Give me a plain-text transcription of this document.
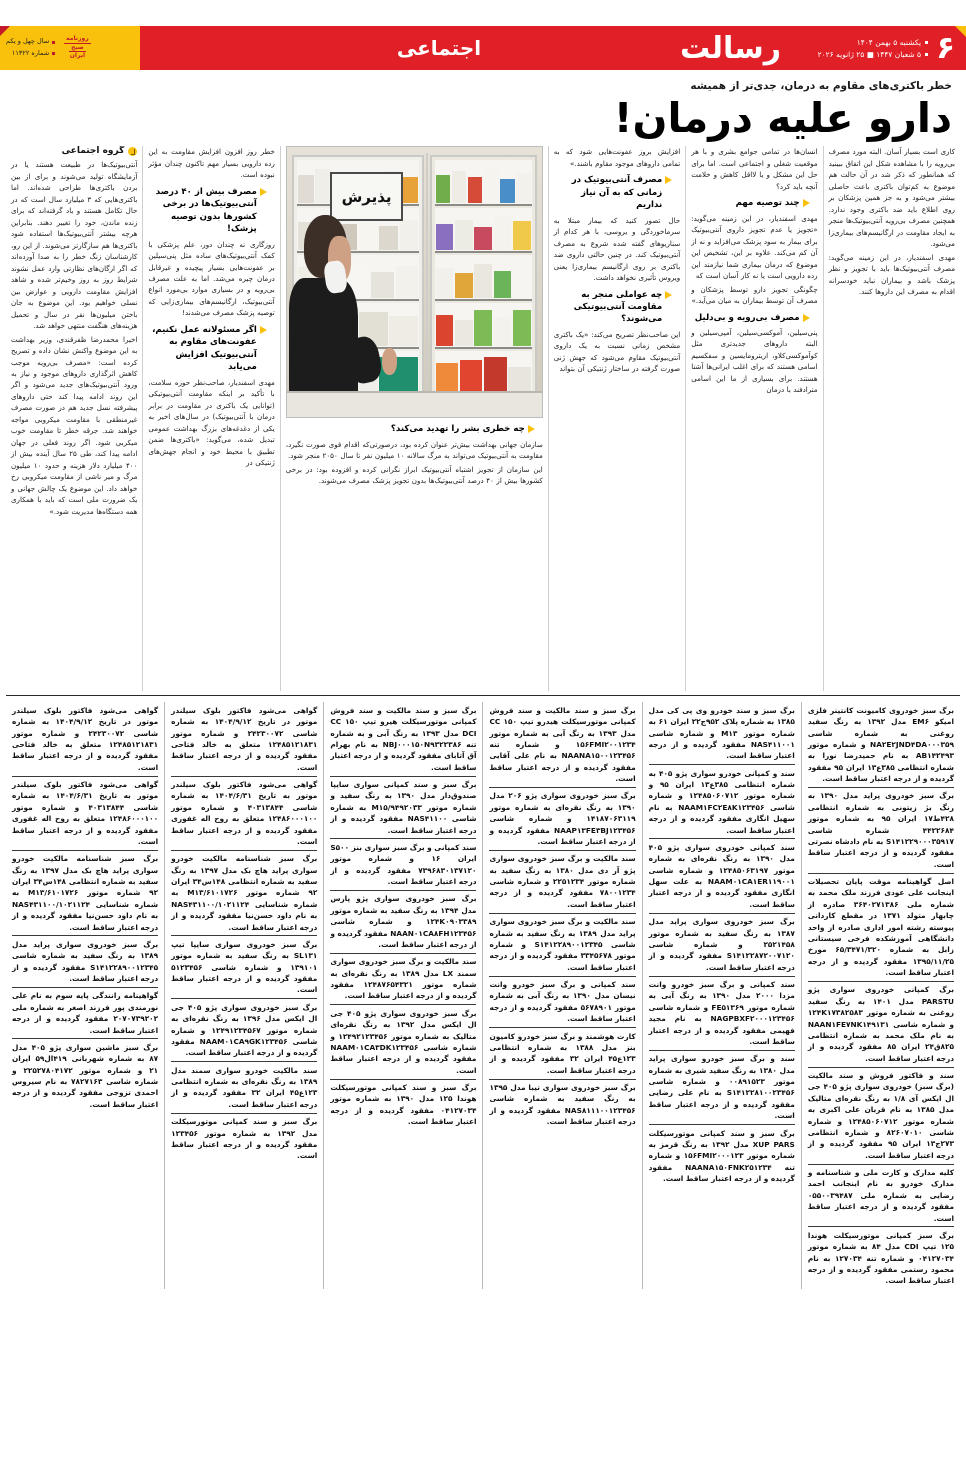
۶
یکشنبه ۵ بهمن ۱۴۰۴
۵ شعبان ۱۴۴۷ ■ ۲۵ ژانویه ۲۰۲۶
رسالت
اجتماعی
سال چهل و یکم
شماره ۱۱۳۲۲
روزنامه
صبح
ایران
خطر باکتری‌های مقاوم به درمان، جدی‌تر از همیشه
دارو علیه درمان!

کاری است بسیار آسان. البته مورد مصرف بی‌رویه را با مشاهده شکل این اتفاق ببینید که همانطور که ذکر شد در آن حالت هم موضوع به کم‌توان باکتری باعث حاصلی بیشتر می‌شود و به جز همین پزشکان بر روی اطلاع باید ضد باکتری وجود ندارد. همچنین مصرف بی‌رویه آنتی‌بیوتیک‌ها منجر به ایجاد مقاومت در ارگانیسم‌های بیماری‌زا می‌شود.

مهدی اسفندیار، در این زمینه می‌گوید: مصرف آنتی‌بیوتیک‌ها باید با تجویز و نظر پزشک باشد و بیماران نباید خودسرانه اقدام به مصرف این داروها کنند.

انسان‌ها در تمامی جوامع بشری و با هر موقعیت شغلی و اجتماعی است. اما برای حل این مشکل و یا لااقل کاهش و خلامت آنچه باید کرد؟

چند توصیه مهم

مهدی اسفندیار، در این زمینه می‌گوید: «تجویز یا عدم تجویز داروی آنتی‌بیوتیک برای بیمار به سود پزشک می‌افزاید و نه از آن کم می‌کند. علاوه بر این، تشخیص این موضوع که درمان بیماری شما نیازمند این رده دارویی است یا نه کار آسان است که

چگونگی تجویز دارو توسط پزشکان و مصرف آن توسط بیماران به میان می‌آید.»

مصرف بی‌رویه و بی‌دلیل

پنی‌سیلین، آموکسی‌سیلین، آمپی‌سیلین و البته داروهای جدیدتری مثل کوآموکسی‌کلاو، اریترومایسین و سفکسیم اسامی هستند که برای اغلب ایرانی‌ها آشنا هستند. برای بسیاری از ما این اسامی مترادفند با درمان

افزایش بروز عفونت‌هایی شود که به تمامی داروهای موجود مقاوم باشند.»

مصرف آنتی‌بیوتیک در زمانی که به آن نیاز نداریم

حال تصور کنید که بیمار مبتلا به سرماخوردگی و یروسی، با هر کدام از سناریوهای گفته شده شروع به مصرف آنتی‌بیوتیک کند. در چنین حالتی داروی ضد باکتری بر روی ارگانیسم بیماری‌زا یعنی ویروس تأثیری نخواهد داشت.

چه عواملی منجر به مقاومت آنتی‌بیوتیکی می‌شوند؟

این صاحب‌نظر تصریح می‌کند: «یک باکتری مشخص زمانی نسبت به یک داروی آنتی‌بیوتیک مقاوم می‌شود که جهش ژنی صورت گرفته در ساختار ژنتیکی آن بتواند

پذیرش
چه خطری بشر را تهدید می‌کند؟

سازمان جهانی بهداشت بیش‌تر عنوان کرده بود، درصورتی‌که اقدام قوی صورت نگیرد، مقاومت به آنتی‌بیوتیک می‌تواند به مرگ سالانه ۱۰ میلیون نفر تا سال ۲۰۵۰ منجر شود.

این سازمان از تجویز اشتباه آنتی‌بیوتیک ابراز نگرانی کرده و افزوده بود: در برخی کشورها بیش از ۴۰ درصد آنتی‌بیوتیک‌ها بدون تجویز پزشک مصرف می‌شوند.

خطر روز افزون افزایش مقاومت به این رده دارویی بسیار مهم تاکنون چندان مؤثر نبوده است.

مصرف بیش از ۴۰ درصد آنتی‌بیوتیک‌ها در برخی کشورها بدون توصیه پزشک!

روزگاری نه چندان دور، علم پزشکی با کمک آنتی‌بیوتیک‌های ساده مثل پنی‌سیلین بر عفونت‌هایی بسیار پیچیده و غیرقابل درمان چیره می‌شد. اما به علت مصرف بی‌رویه و در بسیاری موارد بی‌مورد انواع آنتی‌بیوتیک، ارگانیسم‌های بیماری‌زایی که توصیه پزشک مصرف می‌شدند!

اگر مسئولانه عمل نکنیم، عفونت‌های مقاوم به آنتی‌بیوتیک افزایش می‌یابد

مهدی اسفندیار، صاحب‌نظر حوزه سلامت، با تأکید بر اینکه مقاومت آنتی‌بیوتیکی (توانایی یک باکتری در مقاومت در برابر درمان با آنتی‌بیوتیک) در سال‌های اخیر به یکی از دغدغه‌های بزرگ بهداشت عمومی تبدیل شده، می‌گوید: «باکتری‌ها ضمن تطبیق با محیط خود و انجام جهش‌های ژنتیکی در

گروه اجتماعی

آنتی‌بیوتیک‌ها در طبیعت هستند یا در آزمایشگاه تولید می‌شوند و برای از بین بردن باکتری‌ها طراحی شده‌اند. اما باکتری‌هایی که ۳ میلیارد سال است که در حال تکامل هستند و یاد گرفته‌اند که برای زنده ماندن، خود را تغییر دهند. بنابراین هرچه بیشتر آنتی‌بیوتیک‌ها استفاده شود باکتری‌ها هم سازگارتر می‌شوند. از این رو، کارشناسان زنگ خطر را به صدا آورده‌اند که اگر ارگان‌های نظارتی وارد عمل نشوند شرایط روز به روز وخیم‌تر شده و شاهد افزایش مقاومت دارویی و عوارض بین نسلی خواهیم بود. این موضوع به جان باختن میلیون‌ها نفر در سال و تحمیل هزینه‌های هنگفت منتهی خواهد شد.

اخیرا محمدرضا ظفرقندی، وزیر بهداشت به این موضوع واکنش نشان داده و تصریح کرده است: «مصرف بی‌رویه موجب کاهش اثرگذاری داروهای موجود و نیاز به ورود آنتی‌بیوتیک‌های جدید می‌شود و اگر این روند ادامه پیدا کند حتی داروهای پیشرفته نسل جدید هم در صورت مصرف غیرمنطقی با مقاومت میکروبی مواجه خواهند شد. جرقه خطر تا مقاومت خوب میکربی شود. اگر روند فعلی در جهان ادامه پیدا کند، طی ۲۵ سال آینده بیش از ۴۰۰ میلیارد دلار هزینه و حدود ۱۰ میلیون مرگ و میر ناشی از مقاومت میکروبی رخ خواهد داد. این موضوع یک چالش جهانی و یک ضرورت ملی است که باید با همکاری همه دستگاه‌ها مدیریت شود.»

برگ سبز خودروی کامیونت کانتینر فلزی امیکو EM۶ مدل ۱۳۹۲ به رنگ سفید روغنی به شماره شاسی NA۲E۲JND۴DA۰۰۰۳۵۹ و شماره موتور AB۱۴۲۴۹۳ به نام حمیدرضا نورا به شماره انتظامی ۳۸۵ع۱۳ ایران ۹۵ مفقود گردیده و از درجه اعتبار ساقط است.
برگ سبز خودروی پراید مدل ۱۳۹۰ به رنگ بژ زیتونی به شماره انتظامی ۴۲۸ط۱۷ ایران ۹۵ به شماره موتور ۴۴۲۲۶۸۴ شماره شاسی S۱۴۱۲۲۹۰۰۰۳۵۹۱۷ به نام دادشاه نصرتی مفقود گردیده و از درجه اعتبار ساقط است.
اصل گواهینامه موقت پایان تحصیلات اینجانب علی عودی فرزند ملک محمد به شماره ملی ۳۶۴۰۲۷۱۳۸۶ صادره از چابهار متولد ۱۳۷۱ در مقطع کاردانی پیوسته رشته امور اداری صادره از واحد دانشگاهی آموزشکده فرخی سیستانی زابل به شماره ۶۵/۳۴۷۱/۳۲۰ مورخ ۱۳۹۵/۱۱/۲۵ مفقود گردیده و از درجه اعتبار ساقط است.
برگ کمپانی خودروی سواری پژو PARSTU مدل ۱۴۰۱ به رنگ سفید روغنی به شماره موتور ۱۲۴K۱۷۳۸۲۵۸۳ و شماره شاسی NAAN۱FE۷NK۱۴۹۱۳۱ به نام ملک محمد به شماره انتظامی ۸۲۵ق۲۴ ایران ۸۵ مفقود گردیده و از درجه اعتبار ساقط است.
سند و فاکتور فروش و سند مالکیت (برگ سبز) خودروی سواری پژو ۴۰۵ جی ال ایکس آی ۱/۸ به رنگ نقره‌ای متالیک مدل ۱۳۸۵ به نام قربان علی اکبری به شماره موتور ۱۲۴۸۵۰۶۰۷۱۲ و شماره شاسی ۸۲۶۰۷۰۱۰ و شماره انتظامی ۲۷۳ج۱۳ ایران ۹۵ مفقود گردیده و از درجه اعتبار ساقط است.
کلیه مدارک و کارت ملی و شناسنامه و مدارک خودرو به نام اینجانب احمد رضایی به شماره ملی ۰۵۵۰۰۳۹۴۸۷ مفقود گردیده و از درجه اعتبار ساقط است.
برگ سبز کمپانی موتورسیکلت هوندا ۱۲۵ تیپ CDI مدل ۸۴ به شماره موتور ۰۴۱۲۷۰۳۴ و شماره تنه ۱۲۷۰۳۴ به نام محمود رستمی مفقود گردیده و از درجه اعتبار ساقط است.
برگ سبز و سند خودرو وی پی کی مدل ۱۳۸۵ به شماره پلاک ۹۵۲ج۲۲ ایران ۶۱ به شماره موتور M۱۳ و شماره شاسی NAS۴۱۱۰۰۱ مفقود گردیده و از درجه اعتبار ساقط است.
سند و کمپانی خودرو سواری پژو ۴۰۵ به شماره انتظامی ۳۸۵ع۱۳ ایران ۹۵ و شماره موتور ۱۲۴۸۵۰۶۰۷۱۲ و شماره شاسی NAAM۱FC۲E۸K۱۲۳۴۵۶ به نام سهیل انگاری مفقود گردیده و از درجه اعتبار ساقط است.
سند کمپانی خودروی سواری پژو ۴۰۵ مدل ۱۳۹۰ به رنگ نقره‌ای به شماره موتور ۱۲۴۸۵۰۶۳۱۹۷ و شماره شاسی NAAM۰۱CA۱ER۱۱۹۰۰۱ به علت سهل انگاری مفقود گردیده و از درجه اعتبار ساقط است.
برگ سبز خودروی سواری پراید مدل ۱۳۸۷ به رنگ سفید به شماره موتور ۲۵۲۱۴۵۸ و شماره شاسی S۱۴۱۲۲۸۷۲۰۰۷۱۲۰ مفقود گردیده و از درجه اعتبار ساقط است.
سند کمپانی و برگ سبز خودرو وانت مزدا ۲۰۰۰ مدل ۱۳۹۰ به رنگ آبی به شماره موتور FE۵۱۳۶۹ و شماره شاسی NAGPBXF۲۰۰۰۱۲۳۴۵۶ به نام مجید فهیمی مفقود گردیده و از درجه اعتبار ساقط است.
سند و برگ سبز خودرو سواری پراید مدل ۱۳۸۰ به رنگ سفید شیری به شماره موتور ۰۰۸۹۱۵۲۳ و شماره شاسی S۱۴۱۲۲۸۱۰۰۲۳۴۵۶ به نام علی رضایی مفقود گردیده و از درجه اعتبار ساقط است.
برگ سبز و سند کمپانی موتورسیکلت XUP PARS مدل ۱۳۹۲ به رنگ قرمز به شماره موتور ۱۵۶FMI۲۰۰۰۱۲۳ و شماره تنه NAANA۱۵۰FNK۲۵۱۲۳۴ مفقود گردیده و از درجه اعتبار ساقط است.
برگ سبز و سند مالکیت و سند فروش کمپانی موتورسیکلت هیدرو تیپ CC ۱۵۰ مدل ۱۳۹۳ به رنگ آبی به شماره موتور ۱۵۶FMI۲۰۰۱۲۳۴ و شماره تنه NAANA۱۵۰۰۱۲۳۴۵۶ به نام علی آقایی مفقود گردیده و از درجه اعتبار ساقط است.
برگ سبز خودروی سواری پژو ۲۰۶ مدل ۱۳۹۰ به رنگ نقره‌ای به شماره موتور ۱۴۱۸۷۰۶۳۱۱۹ و شماره شاسی NAAP۱۳FE۳BJ۱۲۳۴۵۶ مفقود گردیده و از درجه اعتبار ساقط است.
سند مالکیت و برگ سبز خودروی سواری پژو آر دی مدل ۱۳۸۰ به رنگ سفید به شماره موتور ۲۲۵۱۲۳۴ و شماره شاسی ۷۸۰۰۱۲۳۴ مفقود گردیده و از درجه اعتبار ساقط است.
سند مالکیت و برگ سبز خودروی سواری پراید مدل ۱۳۸۹ به رنگ سفید به شماره شاسی S۱۴۱۲۲۸۹۰۰۱۲۳۴۵ و شماره موتور ۳۳۴۵۶۷۸ مفقود گردیده و از درجه اعتبار ساقط است.
سند کمپانی و برگ سبز خودرو وانت نیسان مدل ۱۳۹۰ به رنگ آبی به شماره موتور ۵۶۷۸۹۰۱ مفقود گردیده و از درجه اعتبار ساقط است.
کارت هوشمند و برگ سبز خودرو کامیون بنز مدل ۱۳۸۸ به شماره انتظامی ۱۲۳ع۴۵ ایران ۳۲ مفقود گردیده و از درجه اعتبار ساقط است.
برگ سبز خودروی سواری تیبا مدل ۱۳۹۵ به رنگ سفید به شماره شاسی NAS۸۱۱۱۰۰۱۲۳۴۵۶ مفقود گردیده و از درجه اعتبار ساقط است.
برگ سبز و سند مالکیت و سند فروش کمپانی موتورسیکلت هیرو تیپ CC ۱۵۰ DCI مدل ۱۳۹۳ به رنگ آبی و به شماره تنه NBJ۰۰۰۱۵۰N۹۳۲۲۳۸۶ به نام بهرام آق آتابای مفقود گردیده و از درجه اعتبار ساقط است.
برگ سبز و سند کمپانی سواری سایپا صندوق‌دار مدل ۱۳۹۰ به رنگ سفید و شماره موتور ۹۴۹۲۰۳۳/M۱۵ به شماره شاسی NAS۴۱۱۰۰ مفقود گردیده و از درجه اعتبار ساقط است.
سند کمپانی و برگ سبز سواری بنز S۵۰۰ ایران ۱۶ و شماره موتور ۷۳۹۶۸۳۰۱۳۷۱۲۰ مفقود گردیده و از درجه اعتبار ساقط است.
برگ سبز خودروی سواری پژو پارس مدل ۱۳۹۴ به رنگ سفید به شماره موتور ۱۲۴K۰۹۰۳۳۸۹ و شماره شاسی NAAN۰۱CA۸FH۱۲۳۴۵۶ مفقود گردیده و از درجه اعتبار ساقط است.
سند مالکیت و برگ سبز خودروی سواری سمند LX مدل ۱۳۸۹ به رنگ نقره‌ای به شماره موتور ۱۲۴۸۷۶۵۴۳۲۱ مفقود گردیده و از درجه اعتبار ساقط است.
برگ سبز خودروی سواری پژو ۴۰۵ جی ال ایکس مدل ۱۳۹۲ به رنگ نقره‌ای متالیک به شماره موتور ۱۲۴۹۲۱۲۳۴۵۶ و شماره شاسی NAAM۰۱CA۳DK۱۲۳۴۵۶ مفقود گردیده و از درجه اعتبار ساقط است.
برگ سبز و سند کمپانی موتورسیکلت هوندا ۱۲۵ مدل ۱۳۹۰ به شماره موتور ۰۴۱۲۷۰۳۴ مفقود گردیده و از درجه اعتبار ساقط است.
گواهی می‌شود فاکتور بلوک سیلندر موتور در تاریخ ۱۴۰۴/۹/۱۲ به شماره شاسی ۲۴۲۳۰۰۷۲ و شماره موتور ۱۲۴۸۵۱۲۱۸۳۱ متعلق به خالد فتاحی مفقود گردیده و از درجه اعتبار ساقط است.
گواهی می‌شود فاکتور بلوک سیلندر موتور به تاریخ ۱۴۰۴/۶/۳۱ به شماره شاسی ۴۰۳۱۳۸۴۴ و شماره موتور ۱۲۴۸۶۰۰۰۱۰۰ متعلق به روح اله غفوری مفقود گردیده و از درجه اعتبار ساقط است.
برگ سبز شناسنامه مالکیت خودرو سواری پراید هاچ بک مدل ۱۳۹۷ به رنگ سفید به شماره انتظامی ۱۴۸س۳۴ ایران ۹۲ شماره موتور M۱۳/۶۱۰۱۷۲۶ به شماره شناسایی NAS۴۳۱۱۰۰/۱۰۲۱۱۲۴ به نام داود حسن‌نیا مفقود گردیده و از درجه اعتبار ساقط است.
برگ سبز خودروی سواری سایپا تیپ SL۱۳۱ به رنگ سفید به شماره موتور ۱۳۹۱۰۱ و شماره شاسی ۵۱۲۳۴۵۶ مفقود گردیده و از درجه اعتبار ساقط است.
برگ سبز خودروی سواری پژو ۴۰۵ جی ال ایکس مدل ۱۳۹۶ به رنگ نقره‌ای به شماره موتور ۱۲۴۹۱۲۳۴۵۶۷ و شماره شاسی NAAM۰۱CA۹GK۱۲۳۴۵۶ مفقود گردیده و از درجه اعتبار ساقط است.
سند مالکیت خودرو سواری سمند مدل ۱۳۸۹ به رنگ نقره‌ای به شماره انتظامی ۱۲۳ع۴۵ ایران ۳۲ مفقود گردیده و از درجه اعتبار ساقط است.
برگ سبز و سند کمپانی موتورسیکلت مدل ۱۳۹۲ به شماره موتور ۱۲۳۴۵۶ مفقود گردیده و از درجه اعتبار ساقط است.
گواهی می‌شود فاکتور بلوک سیلندر موتور در تاریخ ۱۴۰۴/۹/۱۲ به شماره شاسی ۲۴۲۳۰۰۷۲ و شماره موتور ۱۲۴۸۵۱۲۱۸۳۱ متعلق به خالد فتاحی مفقود گردیده و از درجه اعتبار ساقط است.
گواهی می‌شود فاکتور بلوک سیلندر موتور به تاریخ ۱۴۰۴/۶/۳۱ به شماره شاسی ۴۰۳۱۳۸۴۴ و شماره موتور ۱۲۴۸۶۰۰۰۱۰۰ متعلق به روح اله غفوری مفقود گردیده و از درجه اعتبار ساقط است.
برگ سبز شناسنامه مالکیت خودرو سواری پراید هاچ بک مدل ۱۳۹۷ به رنگ سفید به شماره انتظامی ۱۴۸س۳۴ ایران ۹۲ شماره موتور M۱۳/۶۱۰۱۷۲۶ به شماره شناسایی NAS۴۳۱۱۰۰/۱۰۲۱۱۲۴ به نام داود حسن‌نیا مفقود گردیده و از درجه اعتبار ساقط است.
برگ سبز خودروی سواری پراید مدل ۱۳۸۹ به رنگ سفید به شماره شاسی S۱۴۱۲۲۸۹۰۰۱۲۳۴۵ مفقود گردیده و از درجه اعتبار ساقط است.
گواهینامه رانندگی پایه سوم به نام علی نورمندی پور فرزند اصغر به شماره ملی ۲۰۷۰۷۳۹۲۰۲ مفقود گردیده و از درجه اعتبار ساقط است.
برگ سبز ماشین سواری پژو ۴۰۵ مدل ۸۷ به شماره شهربانی ۴۱۹ال۵۹ ایران ۲۱ و شماره موتور ۲۲۵۲۷۸۰۴۱۷۲ و شماره شاسی ۷۸۲۷۱۶۳ به نام سیروس احمدی تزوجی مفقود گردیده و از درجه اعتبار ساقط است.
